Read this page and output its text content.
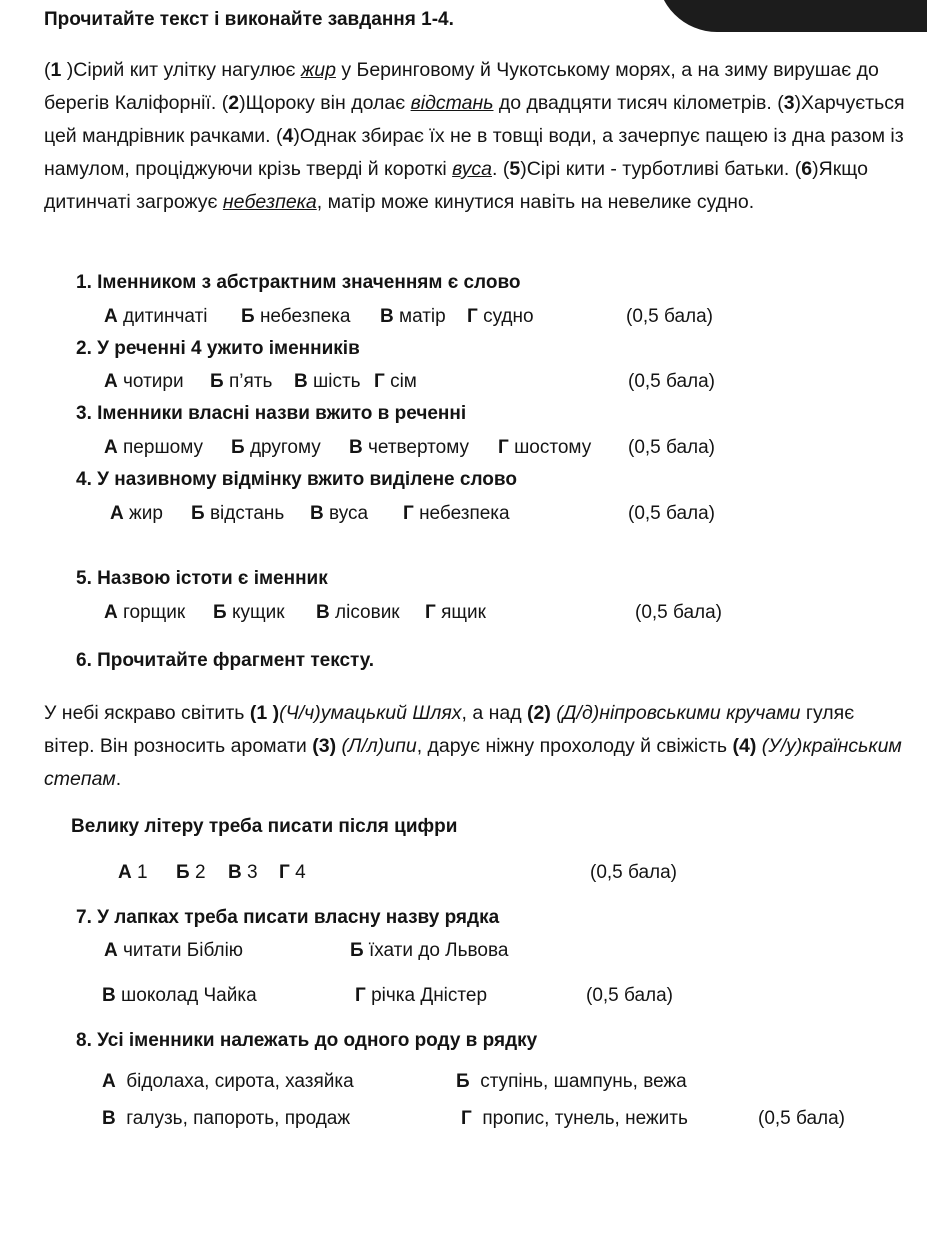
Прочитайте текст і виконайте завдання 1-4.
(1 )Сірий кит улітку нагулює жир у Беринговому й Чукотському морях, а на зиму вирушає до берегів Каліфорнії. (2)Щороку він долає відстань до двадцяти тисяч кілометрів. (3)Харчується цей мандрівник рачками. (4)Однак збирає їх не в товщі води, а зачерпує пащею із дна разом із намулом, проціджуючи крізь тверді й короткі вуса. (5)Сірі кити - турботливі батьки. (6)Якщо дитинчаті загрожує небезпека, матір може кинутися навіть на невелике судно.
1. Іменником з абстрактним значенням є слово
А дитинчаті Б небезпека В матір Г судно	(0,5 бала)
2. У реченні 4 ужито іменників
А чотири Б п’ять В шість Г сім	(0,5 бала)
3. Іменники власні назви вжито в реченні
А першому Б другому В четвертому Г шостому (0,5 бала)
4. У називному відмінку вжито виділене слово
А жир Б відстань В вуса Г небезпека	(0,5 бала)
5. Назвою істоти є іменник
А горщик Б кущик В лісовик Г ящик	(0,5 бала)
6. Прочитайте фрагмент тексту.
У небі яскраво світить (1 )(Ч/ч)умацький Шлях, а над (2) (Д/д)ніпровськими кручами гуляє вітер. Він розносить аромати (3) (Л/л)ипи, дарує ніжну прохолоду й свіжість (4) (У/у)країнським степам.
Велику літеру треба писати після цифри
А 1 Б 2 В 3 Г 4	(0,5 бала)
7. У лапках треба писати власну назву рядка
А читати Біблію	Б їхати до Львова
В шоколад Чайка	Г річка Дністер	(0,5 бала)
8. Усі іменники належать до одного роду в рядку
А бідолаха, сирота, хазяйка	Б ступінь, шампунь, вежа
В галузь, папороть, продаж	Г пропис, тунель, нежить	(0,5 бала)
